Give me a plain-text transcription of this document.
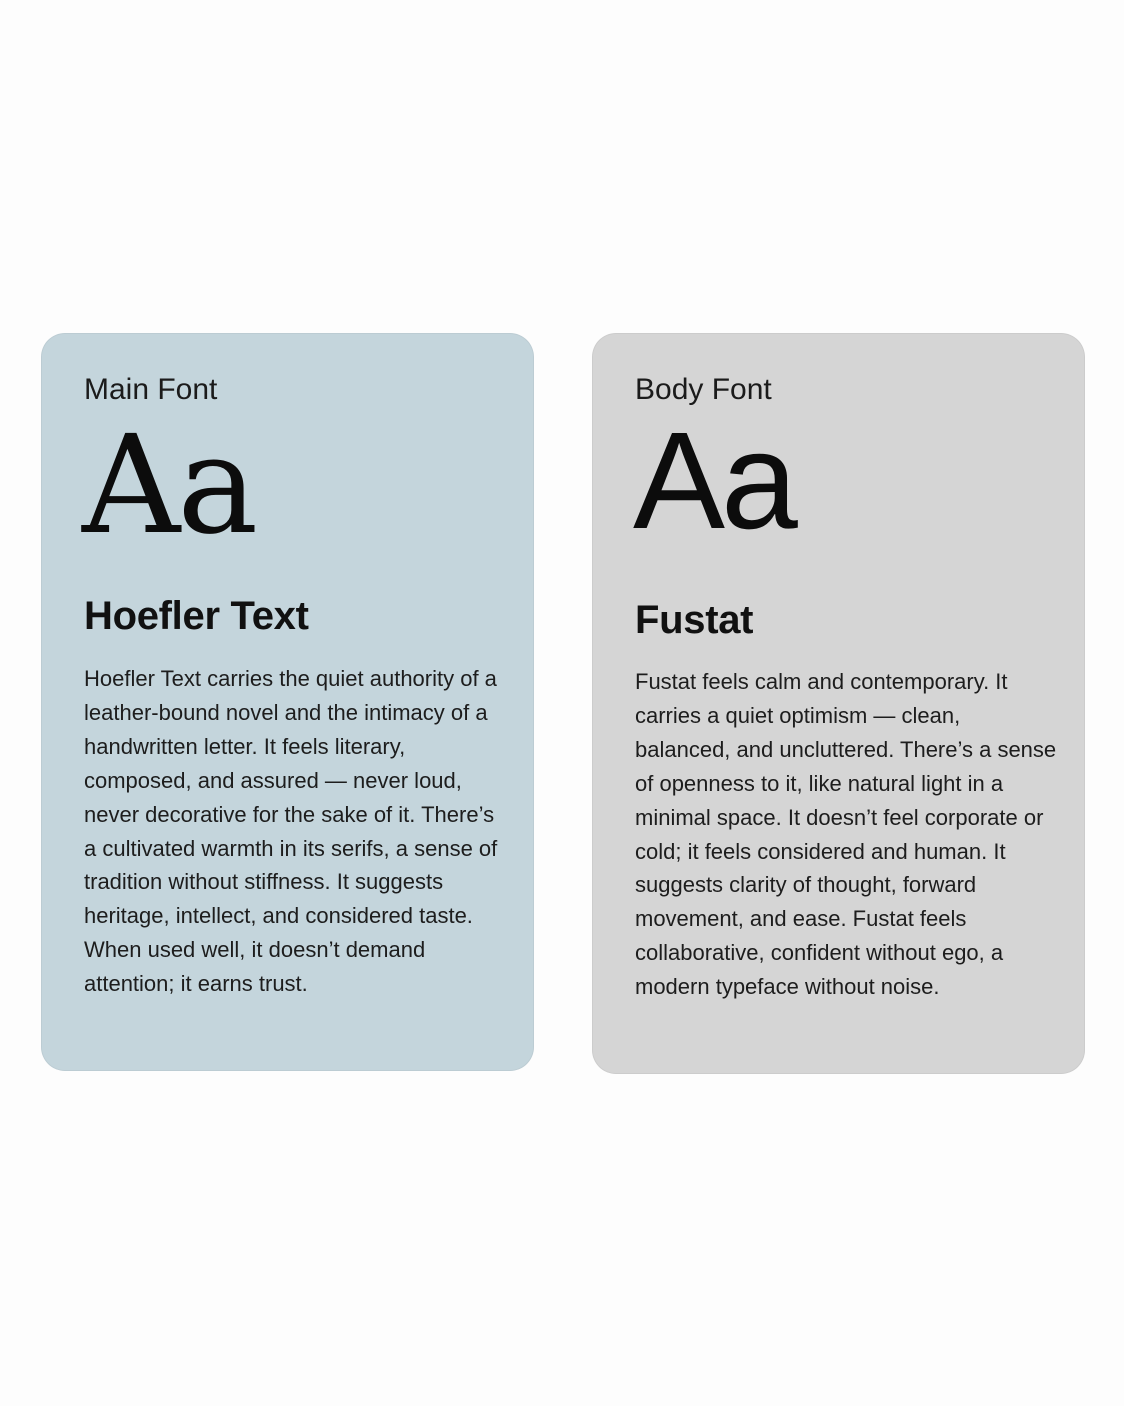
Main Font
Aa
Hoefler Text

Hoefler Text carries the quiet authority of a leather-bound novel and the intimacy of a handwritten letter. It feels literary, composed, and assured — never loud, never decorative for the sake of it. There’s a cultivated warmth in its serifs, a sense of tradition without stiffness. It suggests heritage, intellect, and considered taste. When used well, it doesn’t demand attention; it earns trust.

Body Font
Aa
Fustat

Fustat feels calm and contemporary. It carries a quiet optimism — clean, balanced, and uncluttered. There’s a sense of openness to it, like natural light in a minimal space. It doesn’t feel corporate or cold; it feels considered and human. It suggests clarity of thought, forward movement, and ease. Fustat feels collaborative, confident without ego, a modern typeface without noise.
